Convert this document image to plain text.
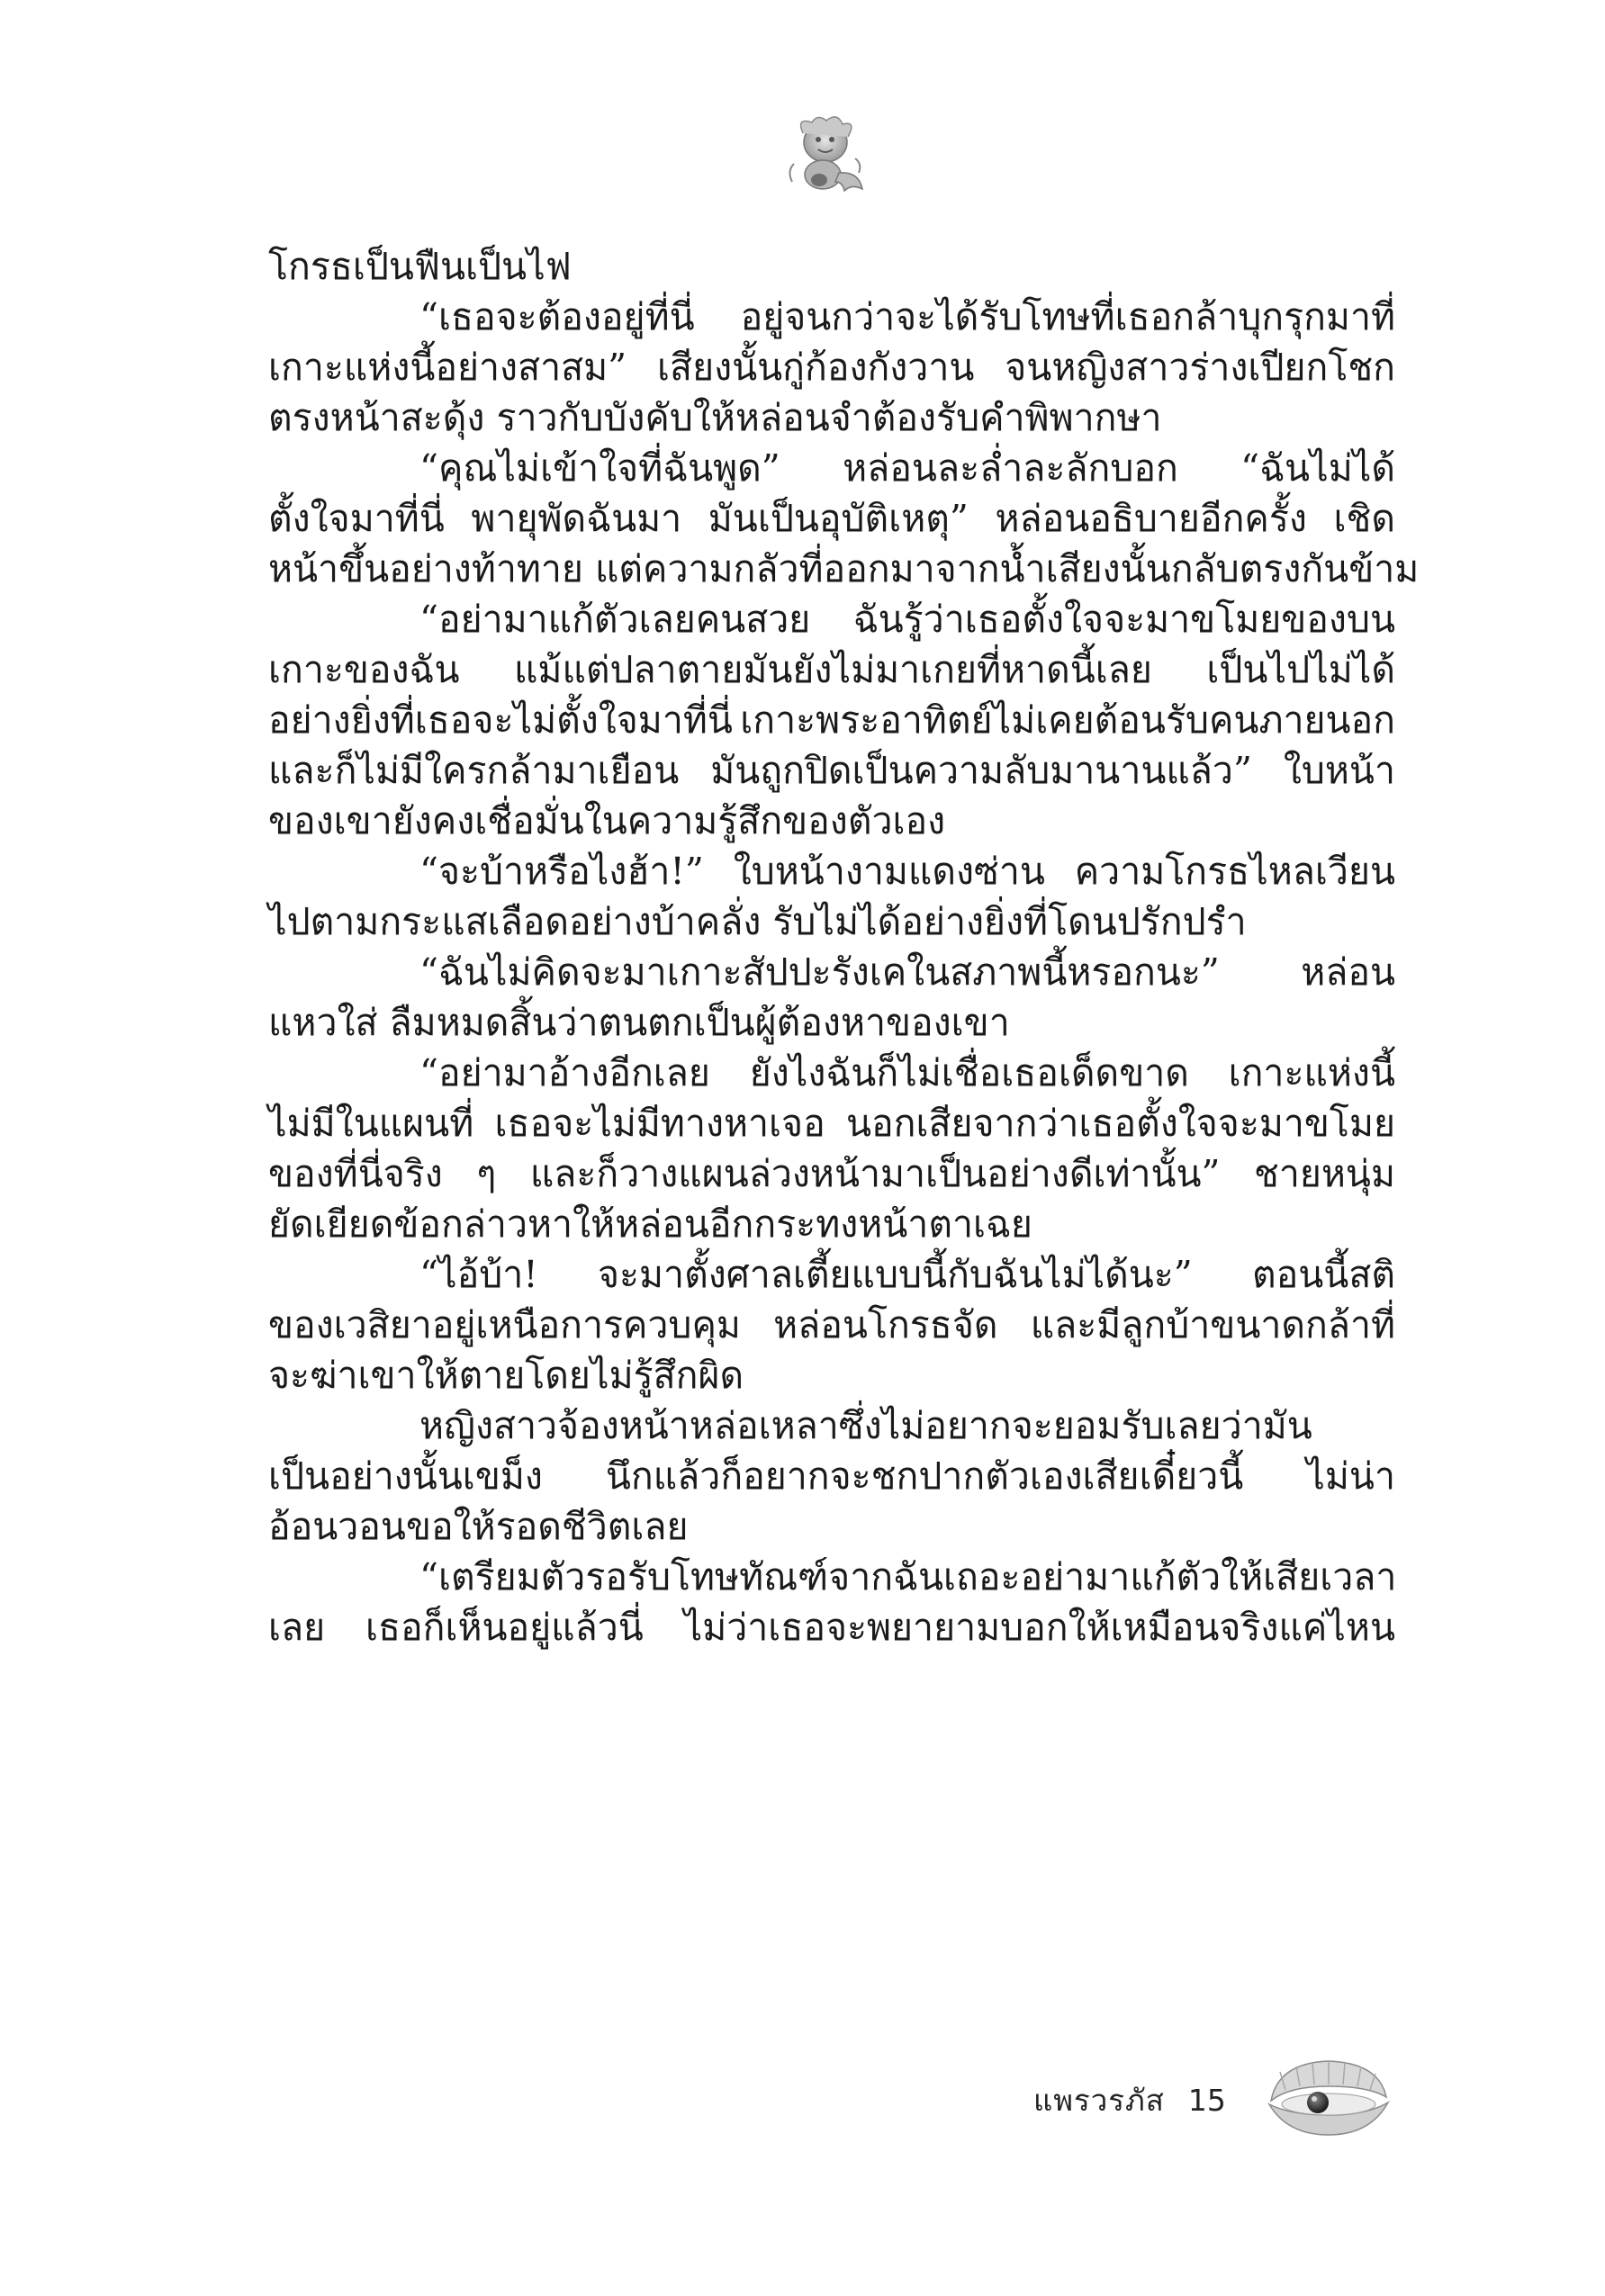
โกรธเป็นฟืนเป็นไฟ
“เธอจะต้องอยู่ที่นี่ อยู่จนกว่าจะได้รับโทษที่เธอกล้าบุกรุกมาที่
เกาะแห่งนี้อย่างสาสม” เสียงนั้นกู่ก้องกังวาน จนหญิงสาวร่างเปียกโชก
ตรงหน้าสะดุ้ง ราวกับบังคับให้หล่อนจำต้องรับคำพิพากษา
“คุณไม่เข้าใจที่ฉันพูด” หล่อนละล่ำละลักบอก “ฉันไม่ได้
ตั้งใจมาที่นี่ พายุพัดฉันมา มันเป็นอุบัติเหตุ” หล่อนอธิบายอีกครั้ง เชิด
หน้าขึ้นอย่างท้าทาย แต่ความกลัวที่ออกมาจากน้ำเสียงนั้นกลับตรงกันข้าม
“อย่ามาแก้ตัวเลยคนสวย ฉันรู้ว่าเธอตั้งใจจะมาขโมยของบน
เกาะของฉัน แม้แต่ปลาตายมันยังไม่มาเกยที่หาดนี้เลย เป็นไปไม่ได้
อย่างยิ่งที่เธอจะไม่ตั้งใจมาที่นี่ เกาะพระอาทิตย์ไม่เคยต้อนรับคนภายนอก
และก็ไม่มีใครกล้ามาเยือน มันถูกปิดเป็นความลับมานานแล้ว” ใบหน้า
ของเขายังคงเชื่อมั่นในความรู้สึกของตัวเอง
“จะบ้าหรือไงฮ้า!” ใบหน้างามแดงซ่าน ความโกรธไหลเวียน
ไปตามกระแสเลือดอย่างบ้าคลั่ง รับไม่ได้อย่างยิ่งที่โดนปรักปรำ
“ฉันไม่คิดจะมาเกาะสัปปะรังเคในสภาพนี้หรอกนะ” หล่อน
แหวใส่ ลืมหมดสิ้นว่าตนตกเป็นผู้ต้องหาของเขา
“อย่ามาอ้างอีกเลย ยังไงฉันก็ไม่เชื่อเธอเด็ดขาด เกาะแห่งนี้
ไม่มีในแผนที่ เธอจะไม่มีทางหาเจอ นอกเสียจากว่าเธอตั้งใจจะมาขโมย
ของที่นี่จริง ๆ และก็วางแผนล่วงหน้ามาเป็นอย่างดีเท่านั้น” ชายหนุ่ม
ยัดเยียดข้อกล่าวหาให้หล่อนอีกกระทงหน้าตาเฉย
“ไอ้บ้า! จะมาตั้งศาลเตี้ยแบบนี้กับฉันไม่ได้นะ” ตอนนี้สติ
ของเวสิยาอยู่เหนือการควบคุม หล่อนโกรธจัด และมีลูกบ้าขนาดกล้าที่
จะฆ่าเขาให้ตายโดยไม่รู้สึกผิด
หญิงสาวจ้องหน้าหล่อเหลาซึ่งไม่อยากจะยอมรับเลยว่ามัน
เป็นอย่างนั้นเขม็ง นึกแล้วก็อยากจะชกปากตัวเองเสียเดี๋ยวนี้ ไม่น่า
อ้อนวอนขอให้รอดชีวิตเลย
“เตรียมตัวรอรับโทษทัณฑ์จากฉันเถอะ อย่ามาแก้ตัวให้เสียเวลา
เลย เธอก็เห็นอยู่แล้วนี่ ไม่ว่าเธอจะพยายามบอกให้เหมือนจริงแค่ไหน
แพรวรภัส 15
